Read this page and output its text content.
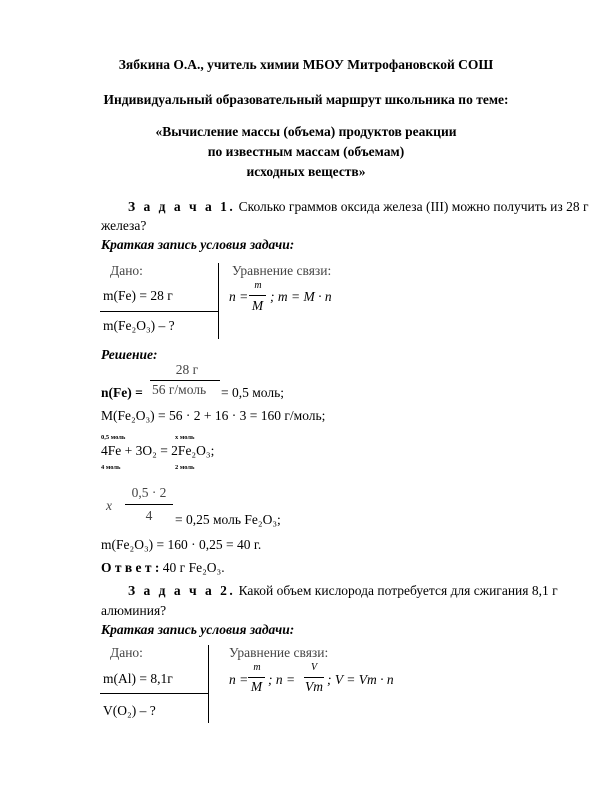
Зябкина О.А., учитель химии МБОУ Митрофановской СОШ
Индивидуальный образовательный маршрут школьника по теме:
«Вычисление массы (объема) продуктов реакции
по известным массам (объемам)
исходных веществ»
З а д а ч а 1. Сколько граммов оксида железа (III) можно получить из 28 г
железа?
Краткая запись условия задачи:
Дано:
m(Fe) = 28 г
m(Fe₂O₃) – ?
Уравнение связи:
n =
m
M
; m = M · n
Решение:
28 г
n(Fe) = 56 г/моль = 0,5 моль;
M(Fe₂O₃) = 56 · 2 + 16 · 3 = 160 г/моль;
0,5 моль	х моль
4Fe + 3O₂ = 2Fe₂O₃;
4 моль	2 моль
x
0,5 · 2
4	= 0,25 моль Fe₂O₃;
m(Fe₂O₃) = 160 · 0,25 = 40 г.
О т в е т : 40 г Fe₂O₃.
З а д а ч а 2. Какой объем кислорода потребуется для сжигания 8,1 г
алюминия?
Краткая запись условия задачи:
Дано:
m(Al) = 8,1г
V(O₂) – ?
Уравнение связи:
n =
m
M ; n =
V
Vm ; V = Vm · n
